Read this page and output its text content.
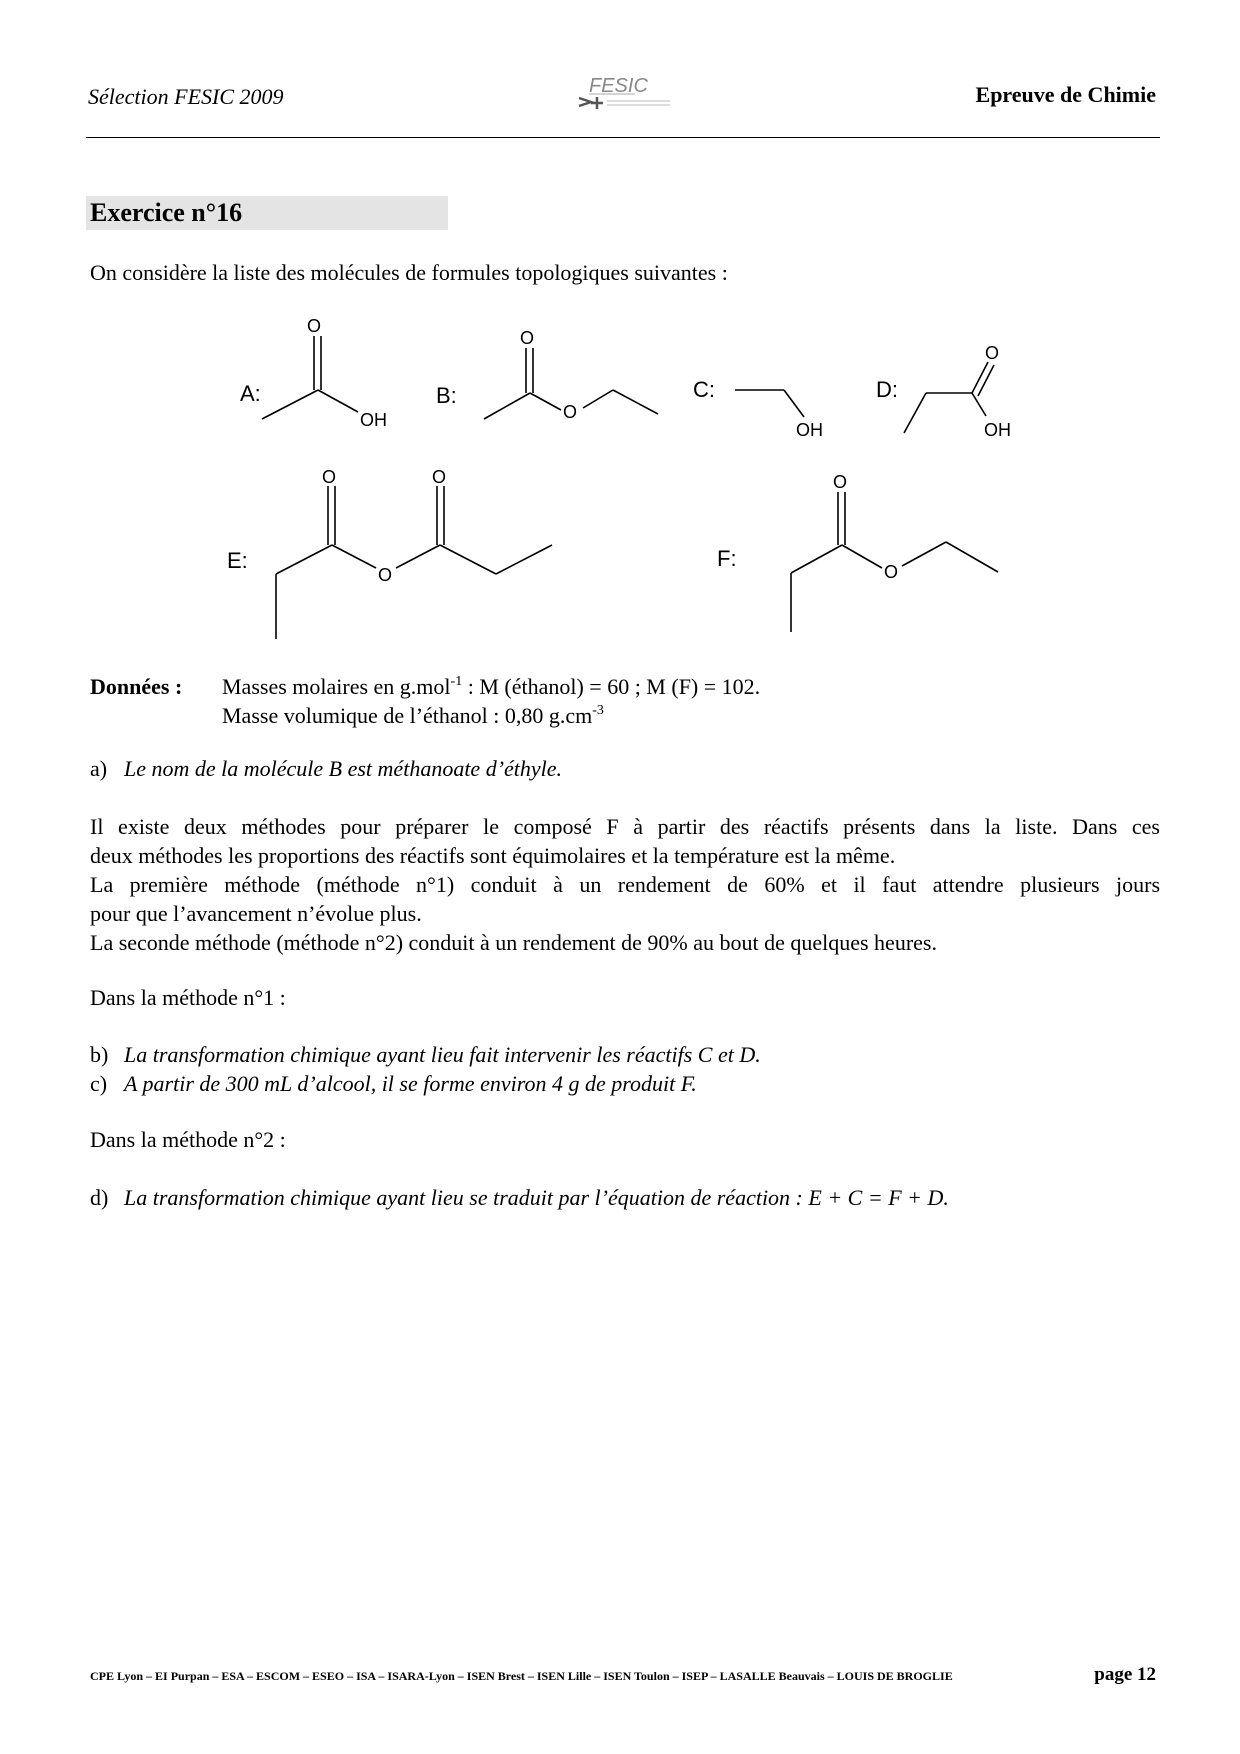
Sélection FESIC 2009	FESIC	Epreuve de Chimie
Exercice n°16
On considère la liste des molécules de formules topologiques suivantes :
A:	B:	C:	D:
E:	F:
O
OH
O
O
OH
O
OH
O
O
O	O
O
Données : Masses molaires en g.mol$^{-1}$ : M (éthanol) = 60 ; M (F) = 102.
Masse volumique de l’éthanol : 0,80 $g.cm^{-3}$
a) Le nom de la molécule B est méthanoate d’éthyle.
Il existe deux méthodes pour préparer le composé F à partir des réactifs présents dans la liste. Dans ces
deux méthodes les proportions des réactifs sont équimolaires et la température est la même.
La première méthode (méthode n°1) conduit à un rendement de 60% et il faut attendre plusieurs jours
pour que l’avancement n’évolue plus.
La seconde méthode (méthode n°2) conduit à un rendement de 90% au bout de quelques heures.
Dans la méthode n°1 :
b) La transformation chimique ayant lieu fait intervenir les réactifs C et D.
c) A partir de 300 mL d’alcool, il se forme environ 4 g de produit F.
Dans la méthode n°2 :
d) La transformation chimique ayant lieu se traduit par l’équation de réaction : E + C = F + D.
CPE Lyon – EI Purpan – ESA – ESCOM – ESEO – ISA – ISARA-Lyon – ISEN Brest – ISEN Lille – ISEN Toulon – ISEP – LASALLE Beauvais – LOUIS DE BROGLIE	page 12
